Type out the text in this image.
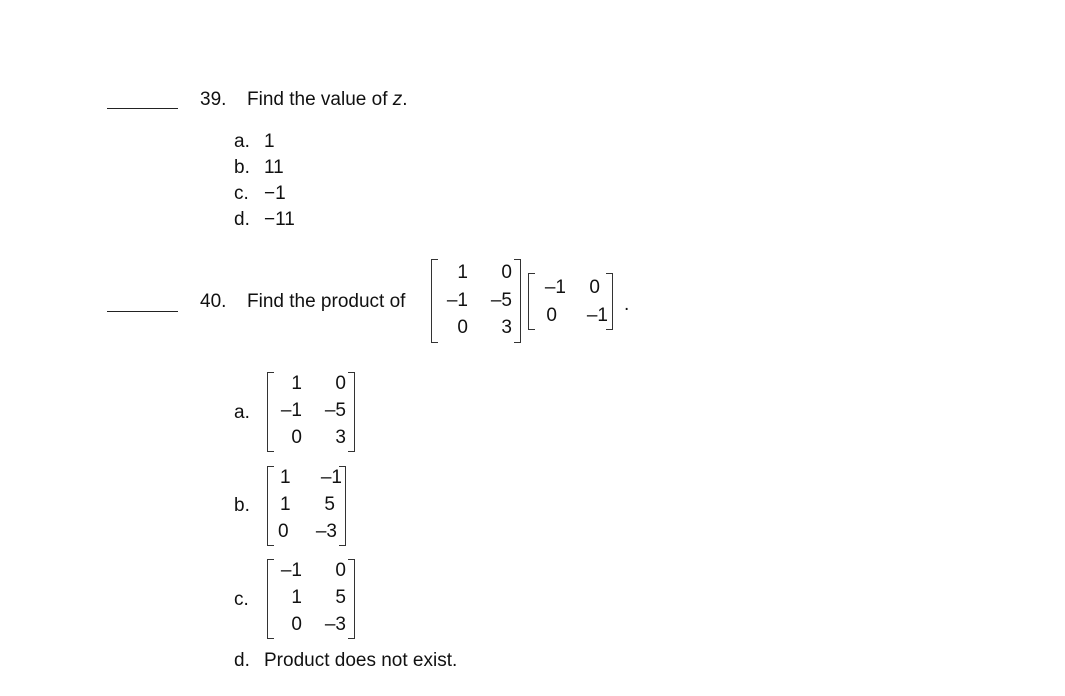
39. Find the value of z.
a. 1
b. 11
c. −1
d. −11
40. Find the product of
1 0
–1 –5
0 3
–1 0
0 –1
.
a.
1 0
–1 –5
0 3
b.
1 –1
1 5
0 –3
c.
–1 0
1 5
0 –3
d. Product does not exist.
